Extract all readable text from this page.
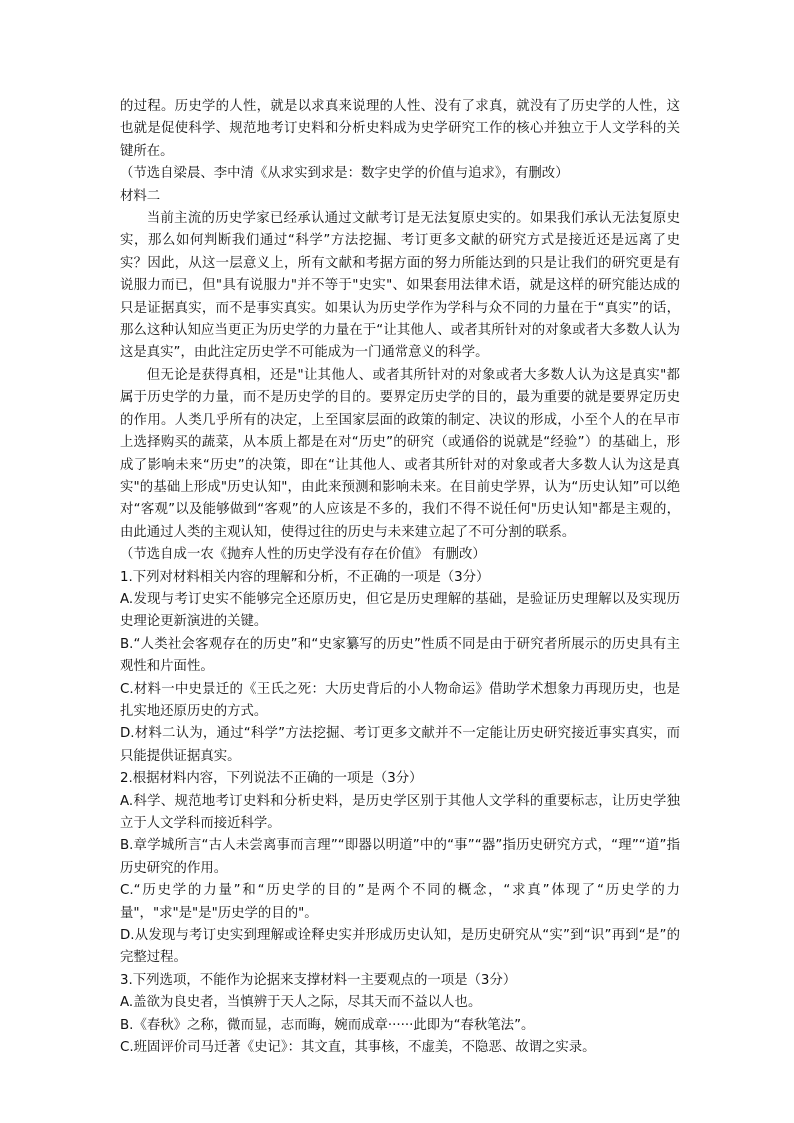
的过程。历史学的人性，就是以求真来说理的人性、没有了求真，就没有了历史学的人性，这也就是促使科学、规范地考订史料和分析史料成为史学研究工作的核心并独立于人文学科的关键所在。

（节选自梁晨、李中清《从求实到求是：数字史学的价值与追求》，有删改）

材料二

当前主流的历史学家已经承认通过文献考订是无法复原史实的。如果我们承认无法复原史实，那么如何判断我们通过“科学”方法挖掘、考订更多文献的研究方式是接近还是远离了史实？因此，从这一层意义上，所有文献和考据方面的努力所能达到的只是让我们的研究更是有说服力而已，但"具有说服力"并不等于"史实"、如果套用法律术语，就是这样的研究能达成的只是证据真实，而不是事实真实。如果认为历史学作为学科与众不同的力量在于“真实”的话，那么这种认知应当更正为历史学的力量在于“让其他人、或者其所针对的对象或者大多数人认为这是真实”，由此注定历史学不可能成为一门通常意义的科学。

但无论是获得真相，还是"让其他人、或者其所针对的对象或者大多数人认为这是真实"都属于历史学的力量，而不是历史学的目的。要界定历史学的目的，最为重要的就是要界定历史的作用。人类几乎所有的决定，上至国家层面的政策的制定、决议的形成，小至个人的在早市上选择购买的蔬菜，从本质上都是在对“历史”的研究（或通俗的说就是“经验”）的基础上，形成了影响未来“历史”的决策，即在“让其他人、或者其所针对的对象或者大多数人认为这是真实"的基础上形成"历史认知"，由此来预测和影响未来。在目前史学界，认为“历史认知”可以绝对“客观”以及能够做到“客观”的人应该是不多的，我们不得不说任何"历史认知"都是主观的，由此通过人类的主观认知，使得过往的历史与未来建立起了不可分割的联系。

（节选自成一农《抛弃人性的历史学没有存在价值》 有删改）

1.下列对材料相关内容的理解和分析，不正确的一项是（3分）

A.发现与考订史实不能够完全还原历史，但它是历史理解的基础，是验证历史理解以及实现历史理论更新演进的关键。

B.“人类社会客观存在的历史”和“史家纂写的历史”性质不同是由于研究者所展示的历史具有主观性和片面性。

C.材料一中史景迁的《王氏之死：大历史背后的小人物命运》借助学术想象力再现历史，也是扎实地还原历史的方式。

D.材料二认为，通过“科学”方法挖掘、考订更多文献并不一定能让历史研究接近事实真实，而只能提供证据真实。

2.根据材料内容，下列说法不正确的一项是（3分）

A.科学、规范地考订史料和分析史料，是历史学区别于其他人文学科的重要标志，让历史学独立于人文学科而接近科学。

B.章学城所言“古人未尝离事而言理”“即器以明道”中的“事”“器”指历史研究方式，“理”“道”指历史研究的作用。

C.“历史学的力量”和“历史学的目的”是两个不同的概念，“求真”体现了“历史学的力量"，"求"是"是"历史学的目的"。

D.从发现与考订史实到理解或诠释史实并形成历史认知，是历史研究从“实”到“识”再到“是”的完整过程。

3.下列选项，不能作为论据来支撑材料一主要观点的一项是（3分）

A.盖欲为良史者，当慎辨于天人之际，尽其天而不益以人也。

B.《春秋》之称，微而显，志而晦，婉而成章······此即为“春秋笔法”。

C.班固评价司马迁著《史记》：其文直，其事核，不虚美，不隐恶、故谓之实录。
